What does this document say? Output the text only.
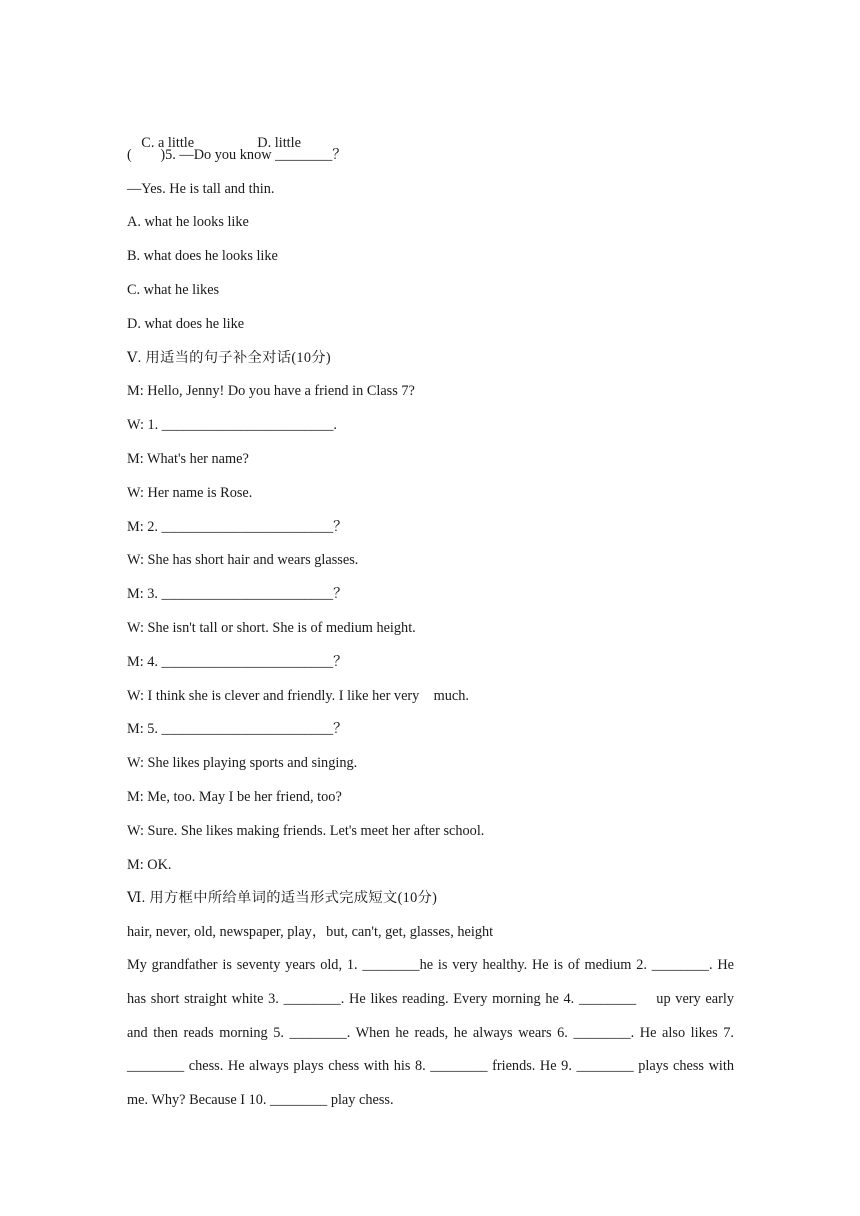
C. a little	D. little

(　　)5. —Do you know ________？
—Yes. He is tall and thin.
A. what he looks like
B. what does he looks like
C. what he likes
D. what does he like
Ⅴ. 用适当的句子补全对话(10分)
M: Hello, Jenny! Do you have a friend in Class 7?
W: 1. ________________________.
M: What's her name?
W: Her name is Rose.
M: 2. ________________________？
W: She has short hair and wears glasses.
M: 3. ________________________？
W: She isn't tall or short. She is of medium height.
M: 4. ________________________？
W: I think she is clever and friendly. I like her very　much.
M: 5. ________________________？
W: She likes playing sports and singing.
M: Me, too. May I be her friend, too?
W: Sure. She likes making friends. Let's meet her after school.
M: OK.
Ⅵ. 用方框中所给单词的适当形式完成短文(10分)
hair, never, old, newspaper, play，but, can't, get, glasses, height
My grandfather is seventy years old, 1. ________he is very healthy. He is of medium 2. ________. He has short straight white 3. ________. He likes reading. Every morning he 4. ________ 　up very early and then reads morning 5. ________. When he reads, he always wears 6. ________. He also likes 7. ________ chess. He always plays chess with his 8. ________ friends. He 9. ________ plays chess with me. Why? Because I 10. ________ play chess.
